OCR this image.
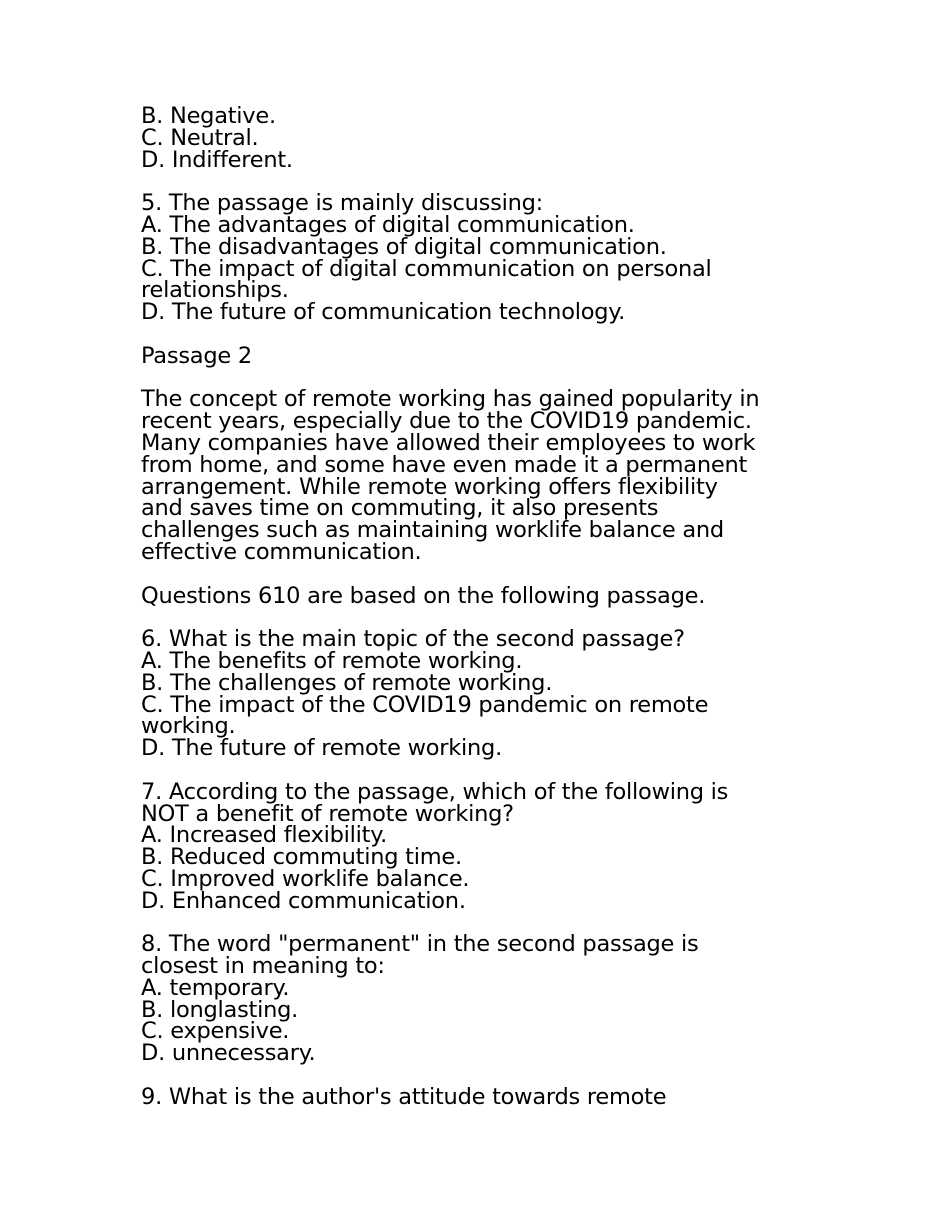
B. Negative.
C. Neutral.
D. Indifferent.
5. The passage is mainly discussing:
A. The advantages of digital communication.
B. The disadvantages of digital communication.
C. The impact of digital communication on personal
relationships.
D. The future of communication technology.
Passage 2
The concept of remote working has gained popularity in
recent years, especially due to the COVID19 pandemic.
Many companies have allowed their employees to work
from home, and some have even made it a permanent
arrangement. While remote working offers flexibility
and saves time on commuting, it also presents
challenges such as maintaining worklife balance and
effective communication.
Questions 610 are based on the following passage.
6. What is the main topic of the second passage?
A. The benefits of remote working.
B. The challenges of remote working.
C. The impact of the COVID19 pandemic on remote
working.
D. The future of remote working.
7. According to the passage, which of the following is
NOT a benefit of remote working?
A. Increased flexibility.
B. Reduced commuting time.
C. Improved worklife balance.
D. Enhanced communication.
8. The word "permanent" in the second passage is
closest in meaning to:
A. temporary.
B. longlasting.
C. expensive.
D. unnecessary.
9. What is the author's attitude towards remote
